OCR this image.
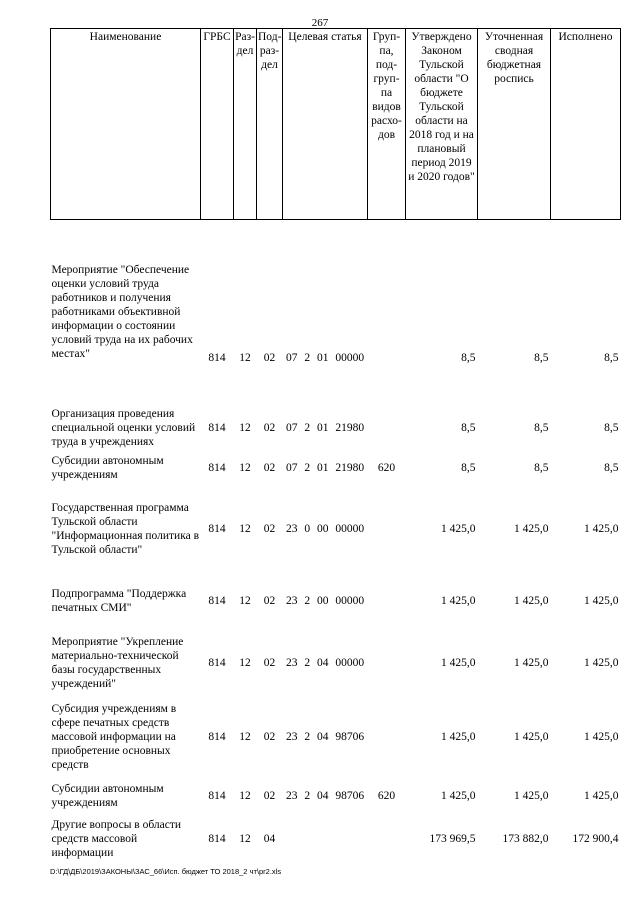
267
Наименование	ГРБС	Раз-дел	Под-раз-дел	Целевая статья	Груп-па, под-груп-па видов расхо-дов	Утверждено Законом Тульской области "О бюджете Тульской области на 2018 год и на плановый период 2019 и 2020 годов"	Уточненная сводная бюджетная роспись	Исполнено
Мероприятие "Обеспечение оценки условий труда работников и получения работниками объективной информации о состоянии условий труда на их рабочих местах"	814	12	02	07 2 01 00000		8,5	8,5	8,5
Организация проведения специальной оценки условий труда в учреждениях	814	12	02	07 2 01 21980		8,5	8,5	8,5
Субсидии автономным учреждениям	814	12	02	07 2 01 21980	620	8,5	8,5	8,5
Государственная программа Тульской области "Информационная политика в Тульской области"	814	12	02	23 0 00 00000		1 425,0	1 425,0	1 425,0
Подпрограмма "Поддержка печатных СМИ"	814	12	02	23 2 00 00000		1 425,0	1 425,0	1 425,0
Мероприятие "Укрепление материально-технической базы государственных учреждений"	814	12	02	23 2 04 00000		1 425,0	1 425,0	1 425,0
Субсидия учреждениям в сфере печатных средств массовой информации на приобретение основных средств	814	12	02	23 2 04 98706		1 425,0	1 425,0	1 425,0
Субсидии автономным учреждениям	814	12	02	23 2 04 98706	620	1 425,0	1 425,0	1 425,0
Другие вопросы в области средств массовой информации	814	12	04			173 969,5	173 882,0	172 900,4
D:\ГД\ДБ\2019\ЗАКОНЫ\ЗАС_66\Исп. бюджет ТО 2018_2 чт\pr2.xls
